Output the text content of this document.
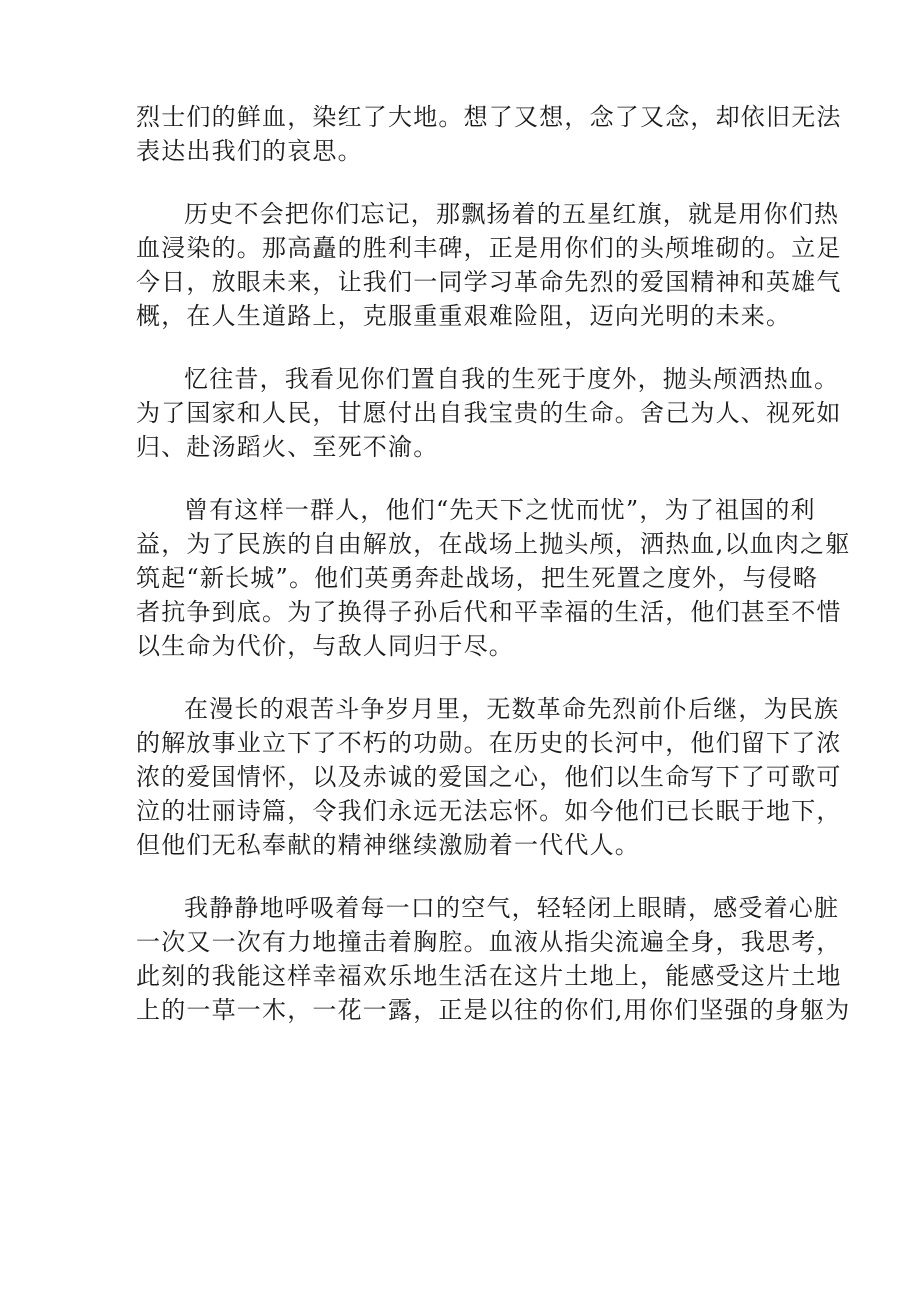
烈士们的鲜血，染红了大地。想了又想，念了又念，却依旧无法
表达出我们的哀思。
历史不会把你们忘记，那飘扬着的五星红旗，就是用你们热
血浸染的。那高矗的胜利丰碑，正是用你们的头颅堆砌的。立足
今日，放眼未来，让我们一同学习革命先烈的爱国精神和英雄气
概，在人生道路上，克服重重艰难险阻，迈向光明的未来。
忆往昔，我看见你们置自我的生死于度外，抛头颅洒热血。
为了国家和人民，甘愿付出自我宝贵的生命。舍己为人、视死如
归、赴汤蹈火、至死不渝。
曾有这样一群人，他们“先天下之忧而忧”，为了祖国的利
益，为了民族的自由解放，在战场上抛头颅，洒热血,以血肉之躯
筑起“新长城”。他们英勇奔赴战场，把生死置之度外，与侵略
者抗争到底。为了换得子孙后代和平幸福的生活，他们甚至不惜
以生命为代价，与敌人同归于尽。
在漫长的艰苦斗争岁月里，无数革命先烈前仆后继，为民族
的解放事业立下了不朽的功勋。在历史的长河中，他们留下了浓
浓的爱国情怀，以及赤诚的爱国之心，他们以生命写下了可歌可
泣的壮丽诗篇，令我们永远无法忘怀。如今他们已长眠于地下，
但他们无私奉献的精神继续激励着一代代人。
我静静地呼吸着每一口的空气，轻轻闭上眼睛，感受着心脏
一次又一次有力地撞击着胸腔。血液从指尖流遍全身，我思考，
此刻的我能这样幸福欢乐地生活在这片土地上，能感受这片土地
上的一草一木，一花一露，正是以往的你们,用你们坚强的身躯为
